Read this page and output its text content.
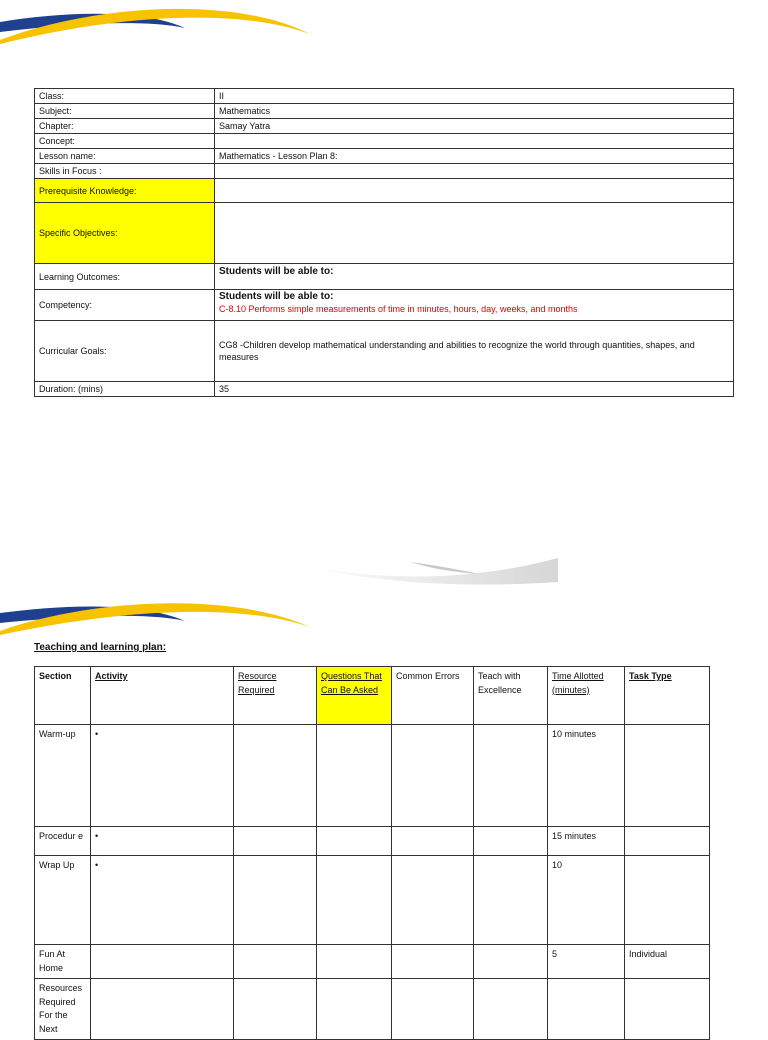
Class:	II
Subject:	Mathematics
Chapter:	Samay Yatra
Concept:	
Lesson name:	Mathematics - Lesson Plan 8:
Skills in Focus :	
Prerequisite Knowledge:	
Specific Objectives:	
Learning Outcomes:	Students will be able to:
Competency:	Students will be able to:
C-8.10 Performs simple measurements of time in minutes, hours, day, weeks, and months

Curricular Goals:	CG8 -Children develop mathematical understanding and abilities to recognize the world through quantities, shapes, and measures
Duration: (mins)	35
Teaching and learning plan:
Section	Activity	Resource Required	Questions That Can Be Asked	Common Errors	Teach with Excellence	Time Allotted (minutes)	Task Type
Warm-up	•					10 minutes	
Procedur e	•					15 minutes	
Wrap Up	•					10	
Fun At Home						5	Individual
Resources Required For the Next							
